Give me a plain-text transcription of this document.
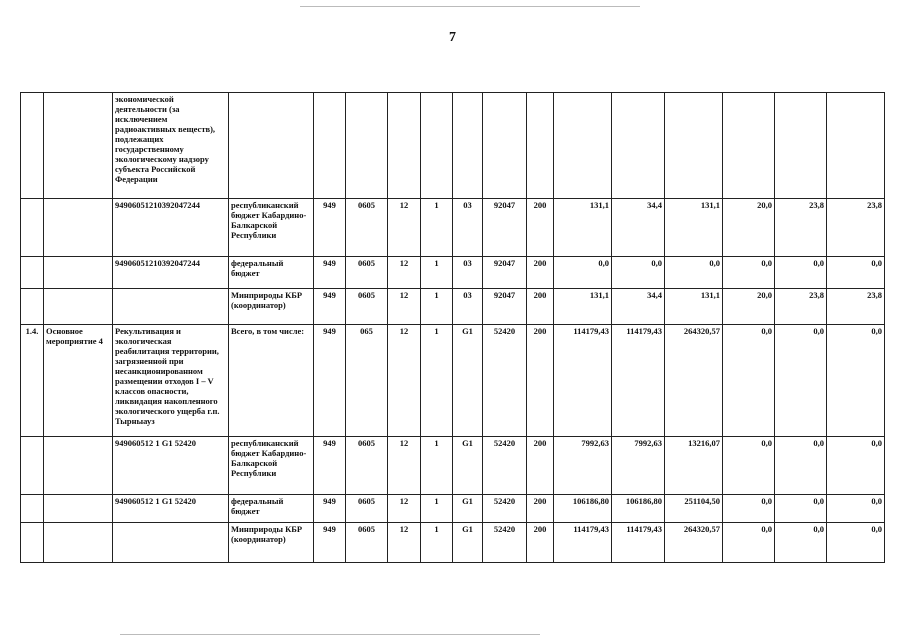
7
			экономической деятельности (за исключением радиоактивных веществ), подлежащих государственному экологическому надзору субъекта Российской Федерации														
			94906051210392047244	республиканский бюджет Кабардино-Балкарской Республики	949	0605	12	1	03	92047	200	131,1	34,4	131,1	20,0	23,8	23,8
			94906051210392047244	федеральный бюджет	949	0605	12	1	03	92047	200	0,0	0,0	0,0	0,0	0,0	0,0
				Минприроды КБР (координатор)	949	0605	12	1	03	92047	200	131,1	34,4	131,1	20,0	23,8	23,8
1.4.	Основное мероприятие 4		Рекультивация и экологическая реабилитация территории, загрязненной при несанкционированном размещении отходов I – V классов опасности, ликвидация накопленного экологического ущерба г.п. Тырныауз	Всего, в том числе:	949	065	12	1	G1	52420	200	114179,43	114179,43	264320,57	0,0	0,0	0,0
			949060512 1 G1 52420	республиканский бюджет Кабардино-Балкарской Республики	949	0605	12	1	G1	52420	200	7992,63	7992,63	13216,07	0,0	0,0	0,0
			949060512 1 G1 52420	федеральный бюджет	949	0605	12	1	G1	52420	200	106186,80	106186,80	251104,50	0,0	0,0	0,0
				Минприроды КБР (координатор)	949	0605	12	1	G1	52420	200	114179,43	114179,43	264320,57	0,0	0,0	0,0
